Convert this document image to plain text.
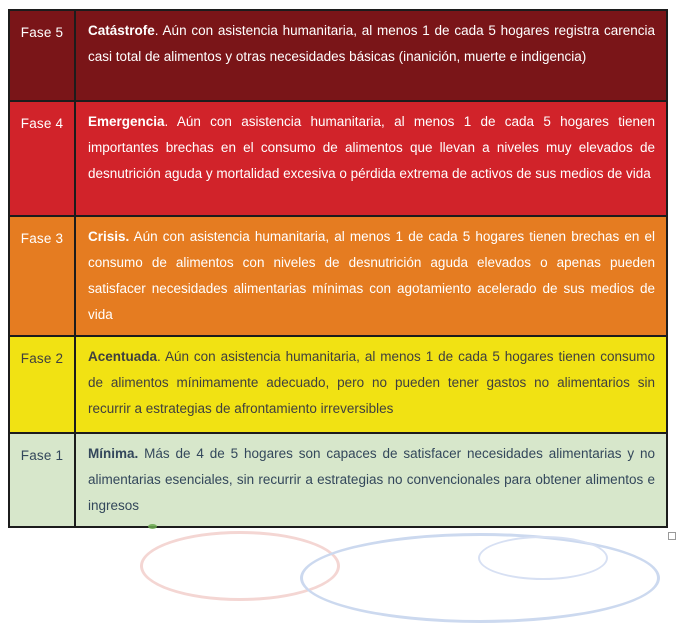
Fase 5	Catástrofe. Aún con asistencia humanitaria, al menos 1 de cada 5 hogares registra carencia casi total de alimentos y otras necesidades básicas (inanición, muerte e indigencia)
Fase 4	Emergencia. Aún con asistencia humanitaria, al menos 1 de cada 5 hogares tienen importantes brechas en el consumo de alimentos que llevan a niveles muy elevados de desnutrición aguda y mortalidad excesiva o pérdida extrema de activos de sus medios de vida
Fase 3	Crisis. Aún con asistencia humanitaria, al menos 1 de cada 5 hogares tienen brechas en el consumo de alimentos con niveles de desnutrición aguda elevados o apenas pueden satisfacer necesidades alimentarias mínimas con agotamiento acelerado de sus medios de vida
Fase 2	Acentuada. Aún con asistencia humanitaria, al menos 1 de cada 5 hogares tienen consumo de alimentos mínimamente adecuado, pero no pueden tener gastos no alimentarios sin recurrir a estrategias de afrontamiento irreversibles
Fase 1	Mínima. Más de 4 de 5 hogares son capaces de satisfacer necesidades alimentarias y no alimentarias esenciales, sin recurrir a estrategias no convencionales para obtener alimentos e ingresos
